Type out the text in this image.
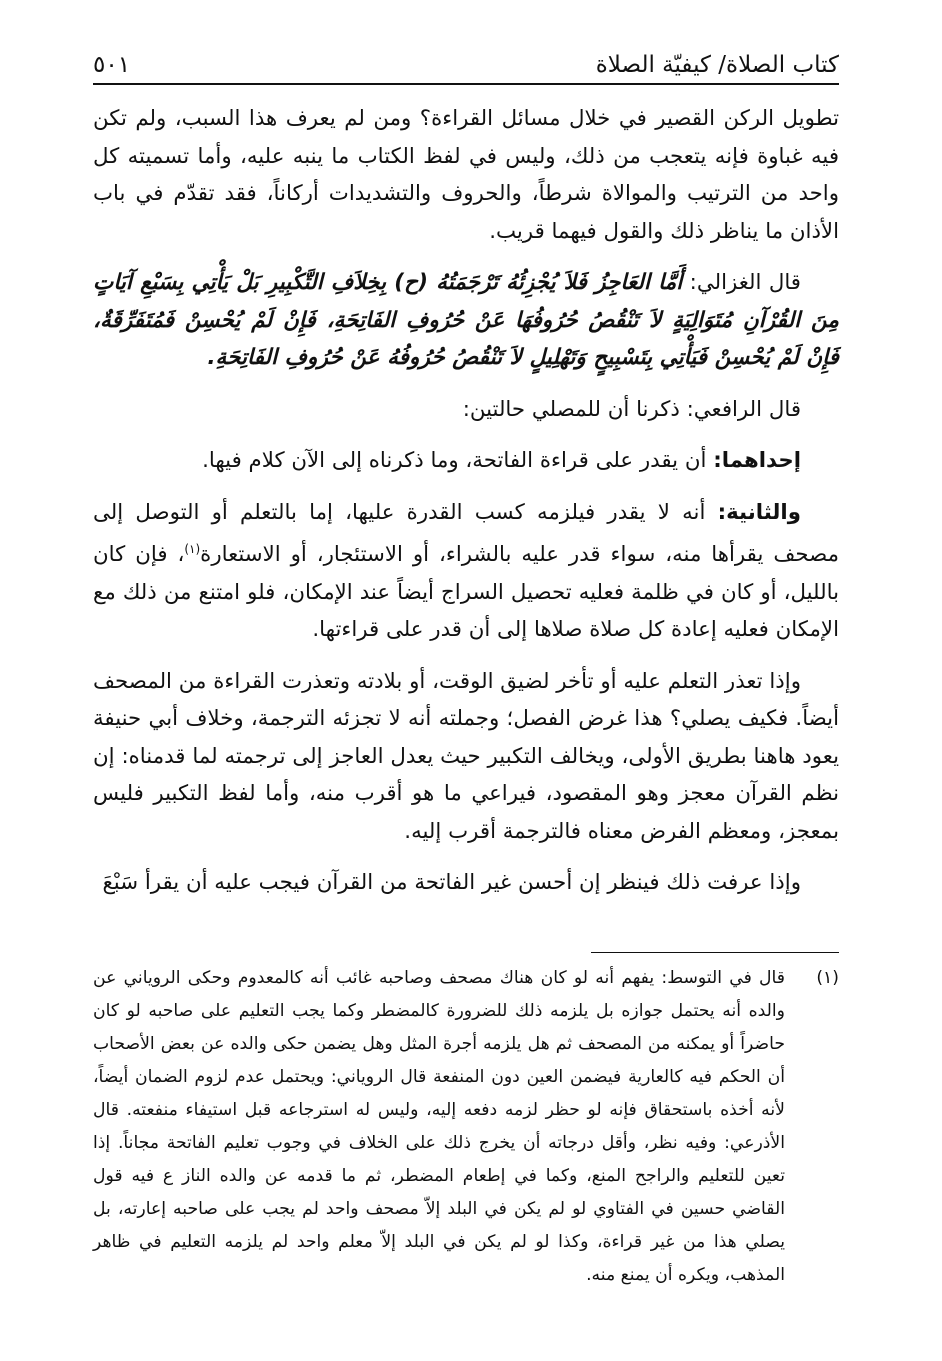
كتاب الصلاة/ كيفيّة الصلاة
٥٠١

تطويل الركن القصير في خلال مسائل القراءة؟ ومن لم يعرف هذا السبب، ولم تكن فيه غباوة فإنه يتعجب من ذلك، وليس في لفظ الكتاب ما ينبه عليه، وأما تسميته كل واحد من الترتيب والموالاة شرطاً، والحروف والتشديدات أركاناً، فقد تقدّم في باب الأذان ما يناظر ذلك والقول فيهما قريب.

قال الغزالي: أَمَّا العَاجِزُ فَلاَ يُجْزِئُهُ تَرْجَمَتُهُ (ح) بِخِلاَفِ التَّكْبِيرِ بَلْ يَأْتِي بِسَبْعِ آيَاتٍ مِنَ القُرْآنِ مُتَوَالِيَةٍ لاَ تَنْقُصُ حُرُوفُهَا عَنْ حُرُوفِ الفَاتِحَةِ، فَإِنْ لَمْ يُحْسِنْ فَمُتَفَرِّقَةٌ، فَإِنْ لَمْ يُحْسِنْ فَيَأْتِي بِتَسْبِيحٍ وَتَهْلِيلٍ لاَ تَنْقُصُ حُرُوفُهُ عَنْ حُرُوفِ الفَاتِحَةِ.

قال الرافعي: ذكرنا أن للمصلي حالتين:

إحداهما: أن يقدر على قراءة الفاتحة، وما ذكرناه إلى الآن كلام فيها.

والثانية: أنه لا يقدر فيلزمه كسب القدرة عليها، إما بالتعلم أو التوصل إلى مصحف يقرأها منه، سواء قدر عليه بالشراء، أو الاستئجار، أو الاستعارة$^{(١)}$، فإن كان بالليل، أو كان في ظلمة فعليه تحصيل السراج أيضاً عند الإمكان، فلو امتنع من ذلك مع الإمكان فعليه إعادة كل صلاة صلاها إلى أن قدر على قراءتها.

وإذا تعذر التعلم عليه أو تأخر لضيق الوقت، أو بلادته وتعذرت القراءة من المصحف أيضاً. فكيف يصلي؟ هذا غرض الفصل؛ وجملته أنه لا تجزئه الترجمة، وخلاف أبي حنيفة يعود هاهنا بطريق الأولى، ويخالف التكبير حيث يعدل العاجز إلى ترجمته لما قدمناه: إن نظم القرآن معجز وهو المقصود، فيراعي ما هو أقرب منه، وأما لفظ التكبير فليس بمعجز، ومعظم الفرض معناه فالترجمة أقرب إليه.

وإذا عرفت ذلك فينظر إن أحسن غير الفاتحة من القرآن فيجب عليه أن يقرأ سَبْعَ

(١)
قال في التوسط: يفهم أنه لو كان هناك مصحف وصاحبه غائب أنه كالمعدوم وحكى الروياني عن والده أنه يحتمل جوازه بل يلزمه ذلك للضرورة كالمضطر وكما يجب التعليم على صاحبه لو كان حاضراً أو يمكنه من المصحف ثم هل يلزمه أجرة المثل وهل يضمن حكى والده عن بعض الأصحاب أن الحكم فيه كالعارية فيضمن العين دون المنفعة قال الروياني: ويحتمل عدم لزوم الضمان أيضاً، لأنه أخذه باستحقاق فإنه لو حظر لزمه دفعه إليه، وليس له استرجاعه قبل استيفاء منفعته. قال الأذرعي: وفيه نظر، وأقل درجاته أن يخرج ذلك على الخلاف في وجوب تعليم الفاتحة مجاناً. إذا تعين للتعليم والراجح المنع، وكما في إطعام المضطر، ثم ما قدمه عن والده الناز ع فيه قول القاضي حسين في الفتاوي لو لم يكن في البلد إلاّ مصحف واحد لم يجب على صاحبه إعارته، بل يصلي هذا من غير قراءة، وكذا لو لم يكن في البلد إلاّ معلم واحد لم يلزمه التعليم في ظاهر المذهب، ويكره أن يمنع منه.
